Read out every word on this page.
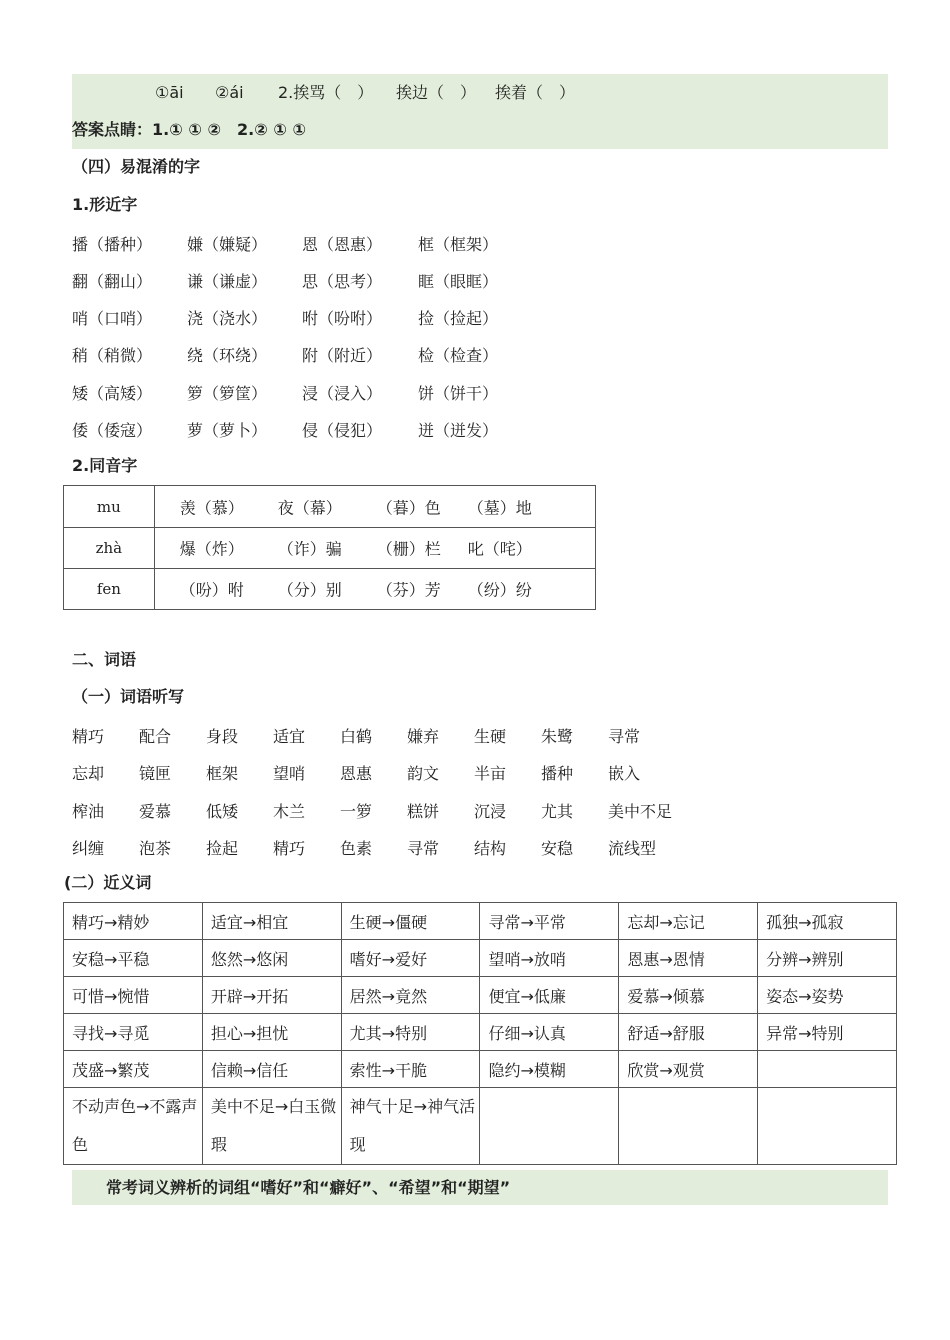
①āi ②ái 2.挨骂（　） 挨边（　） 挨着（　）
答案点睛：1.① ① ②　2.② ① ①
（四）易混淆的字
1.形近字
播（播种） 嫌（嫌疑） 恩（恩惠） 框（框架）
翻（翻山） 谦（谦虚） 思（思考） 眶（眼眶）
哨（口哨） 浇（浇水） 咐（吩咐） 捡（捡起）
稍（稍微） 绕（环绕） 附（附近） 检（检查）
矮（高矮） 箩（箩筐） 浸（浸入） 饼（饼干）
倭（倭寇） 萝（萝卜） 侵（侵犯） 迸（迸发）
2.同音字
mu	羡（慕） 夜（幕） （暮）色 （墓）地

zhà	爆（炸） （诈）骗 （栅）栏 叱（咤）

fen	（吩）咐 （分）别 （芬）芳 （纷）纷
二、词语
（一）词语听写
精巧 配合 身段 适宜 白鹤 嫌弃 生硬 朱鹭 寻常
忘却 镜匣 框架 望哨 恩惠 韵文 半亩 播种 嵌入
榨油 爱慕 低矮 木兰 一箩 糕饼 沉浸 尤其 美中不足
纠缠 泡茶 捡起 精巧 色素 寻常 结构 安稳 流线型
(二）近义词
精巧→精妙	适宜→相宜	生硬→僵硬	寻常→平常	忘却→忘记	孤独→孤寂
安稳→平稳	悠然→悠闲	嗜好→爱好	望哨→放哨	恩惠→恩情	分辨→辨别
可惜→惋惜	开辟→开拓	居然→竟然	便宜→低廉	爱慕→倾慕	姿态→姿势
寻找→寻觅	担心→担忧	尤其→特别	仔细→认真	舒适→舒服	异常→特别
茂盛→繁茂	信赖→信任	索性→干脆	隐约→模糊	欣赏→观赏	
不动声色→不露声色	美中不足→白玉微瑕	神气十足→神气活现			
常考词义辨析的词组“嗜好”和“癖好”、“希望”和“期望”
